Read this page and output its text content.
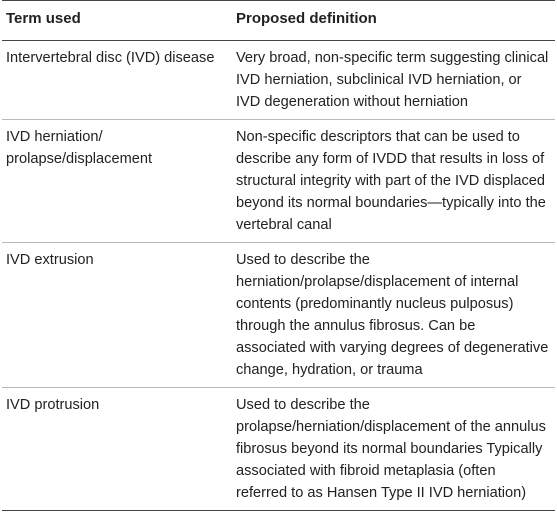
Term used	Proposed definition
Intervertebral disc (IVD) disease	Very broad, non-specific term suggesting clinical IVD herniation, subclinical IVD herniation, or IVD degeneration without herniation
IVD herniation/ prolapse/displacement	Non-specific descriptors that can be used to describe any form of IVDD that results in loss of structural integrity with part of the IVD displaced beyond its normal boundaries—typically into the vertebral canal
IVD extrusion	Used to describe the herniation/prolapse/displacement of internal contents (predominantly nucleus pulposus) through the annulus fibrosus. Can be associated with varying degrees of degenerative change, hydration, or trauma
IVD protrusion	Used to describe the prolapse/herniation/displacement of the annulus fibrosus beyond its normal boundaries Typically associated with fibroid metaplasia (often referred to as Hansen Type II IVD herniation)
